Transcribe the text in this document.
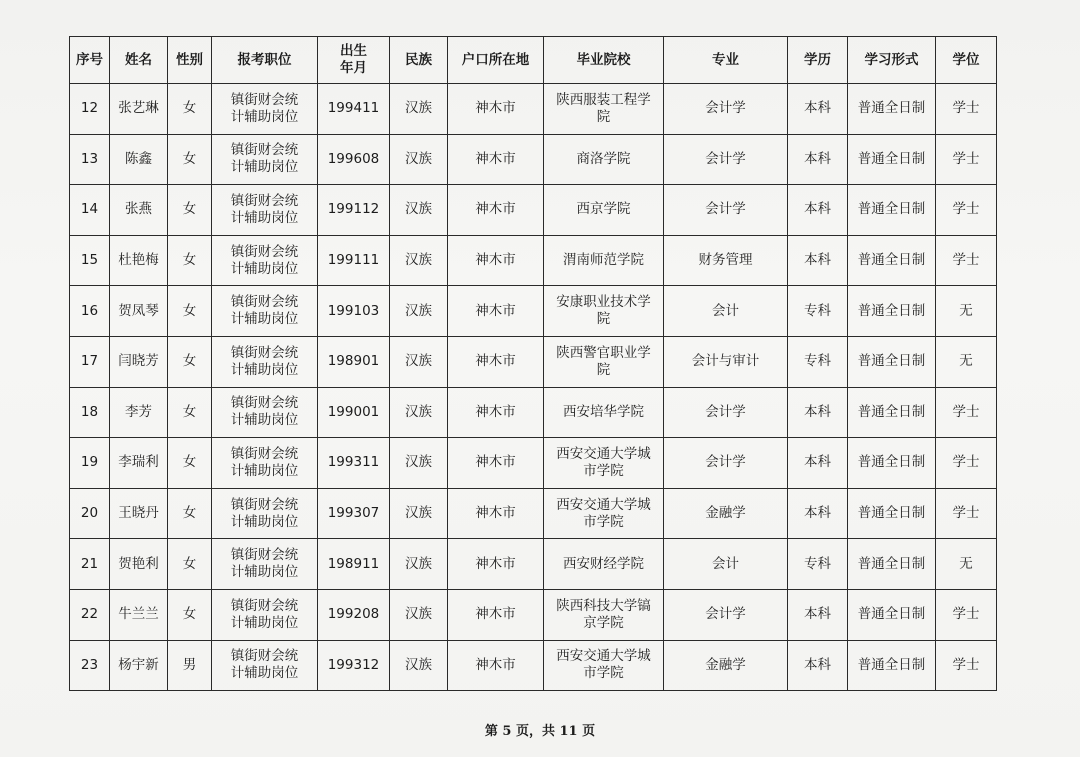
序号	姓名	性别	报考职位	出生年月	民族	户口所在地	毕业院校	专业	学历	学习形式	学位
12	张艺琳	女	镇街财会统计辅助岗位	199411	汉族	神木市	陕西服装工程学院	会计学	本科	普通全日制	学士
13	陈鑫	女	镇街财会统计辅助岗位	199608	汉族	神木市	商洛学院	会计学	本科	普通全日制	学士
14	张燕	女	镇街财会统计辅助岗位	199112	汉族	神木市	西京学院	会计学	本科	普通全日制	学士
15	杜艳梅	女	镇街财会统计辅助岗位	199111	汉族	神木市	渭南师范学院	财务管理	本科	普通全日制	学士
16	贺凤琴	女	镇街财会统计辅助岗位	199103	汉族	神木市	安康职业技术学院	会计	专科	普通全日制	无
17	闫晓芳	女	镇街财会统计辅助岗位	198901	汉族	神木市	陕西警官职业学院	会计与审计	专科	普通全日制	无
18	李芳	女	镇街财会统计辅助岗位	199001	汉族	神木市	西安培华学院	会计学	本科	普通全日制	学士
19	李瑞利	女	镇街财会统计辅助岗位	199311	汉族	神木市	西安交通大学城市学院	会计学	本科	普通全日制	学士
20	王晓丹	女	镇街财会统计辅助岗位	199307	汉族	神木市	西安交通大学城市学院	金融学	本科	普通全日制	学士
21	贺艳利	女	镇街财会统计辅助岗位	198911	汉族	神木市	西安财经学院	会计	专科	普通全日制	无
22	牛兰兰	女	镇街财会统计辅助岗位	199208	汉族	神木市	陕西科技大学镐京学院	会计学	本科	普通全日制	学士
23	杨宇新	男	镇街财会统计辅助岗位	199312	汉族	神木市	西安交通大学城市学院	金融学	本科	普通全日制	学士
第 5 页，共 11 页
